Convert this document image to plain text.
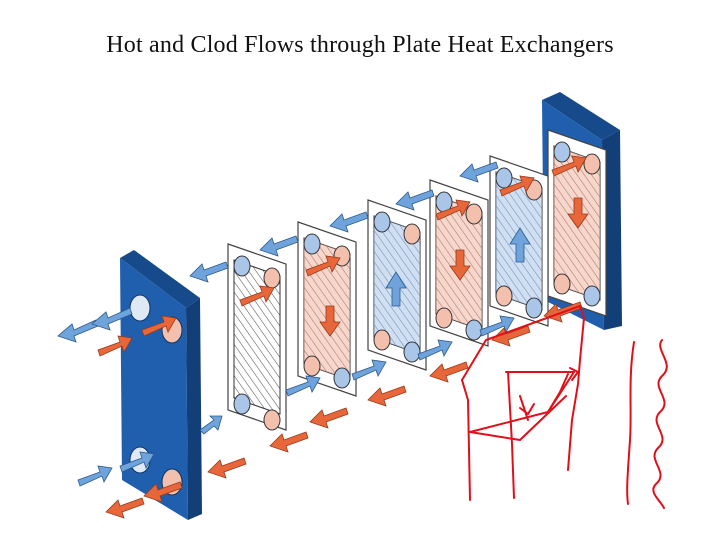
Hot and Clod Flows through Plate Heat Exchangers
